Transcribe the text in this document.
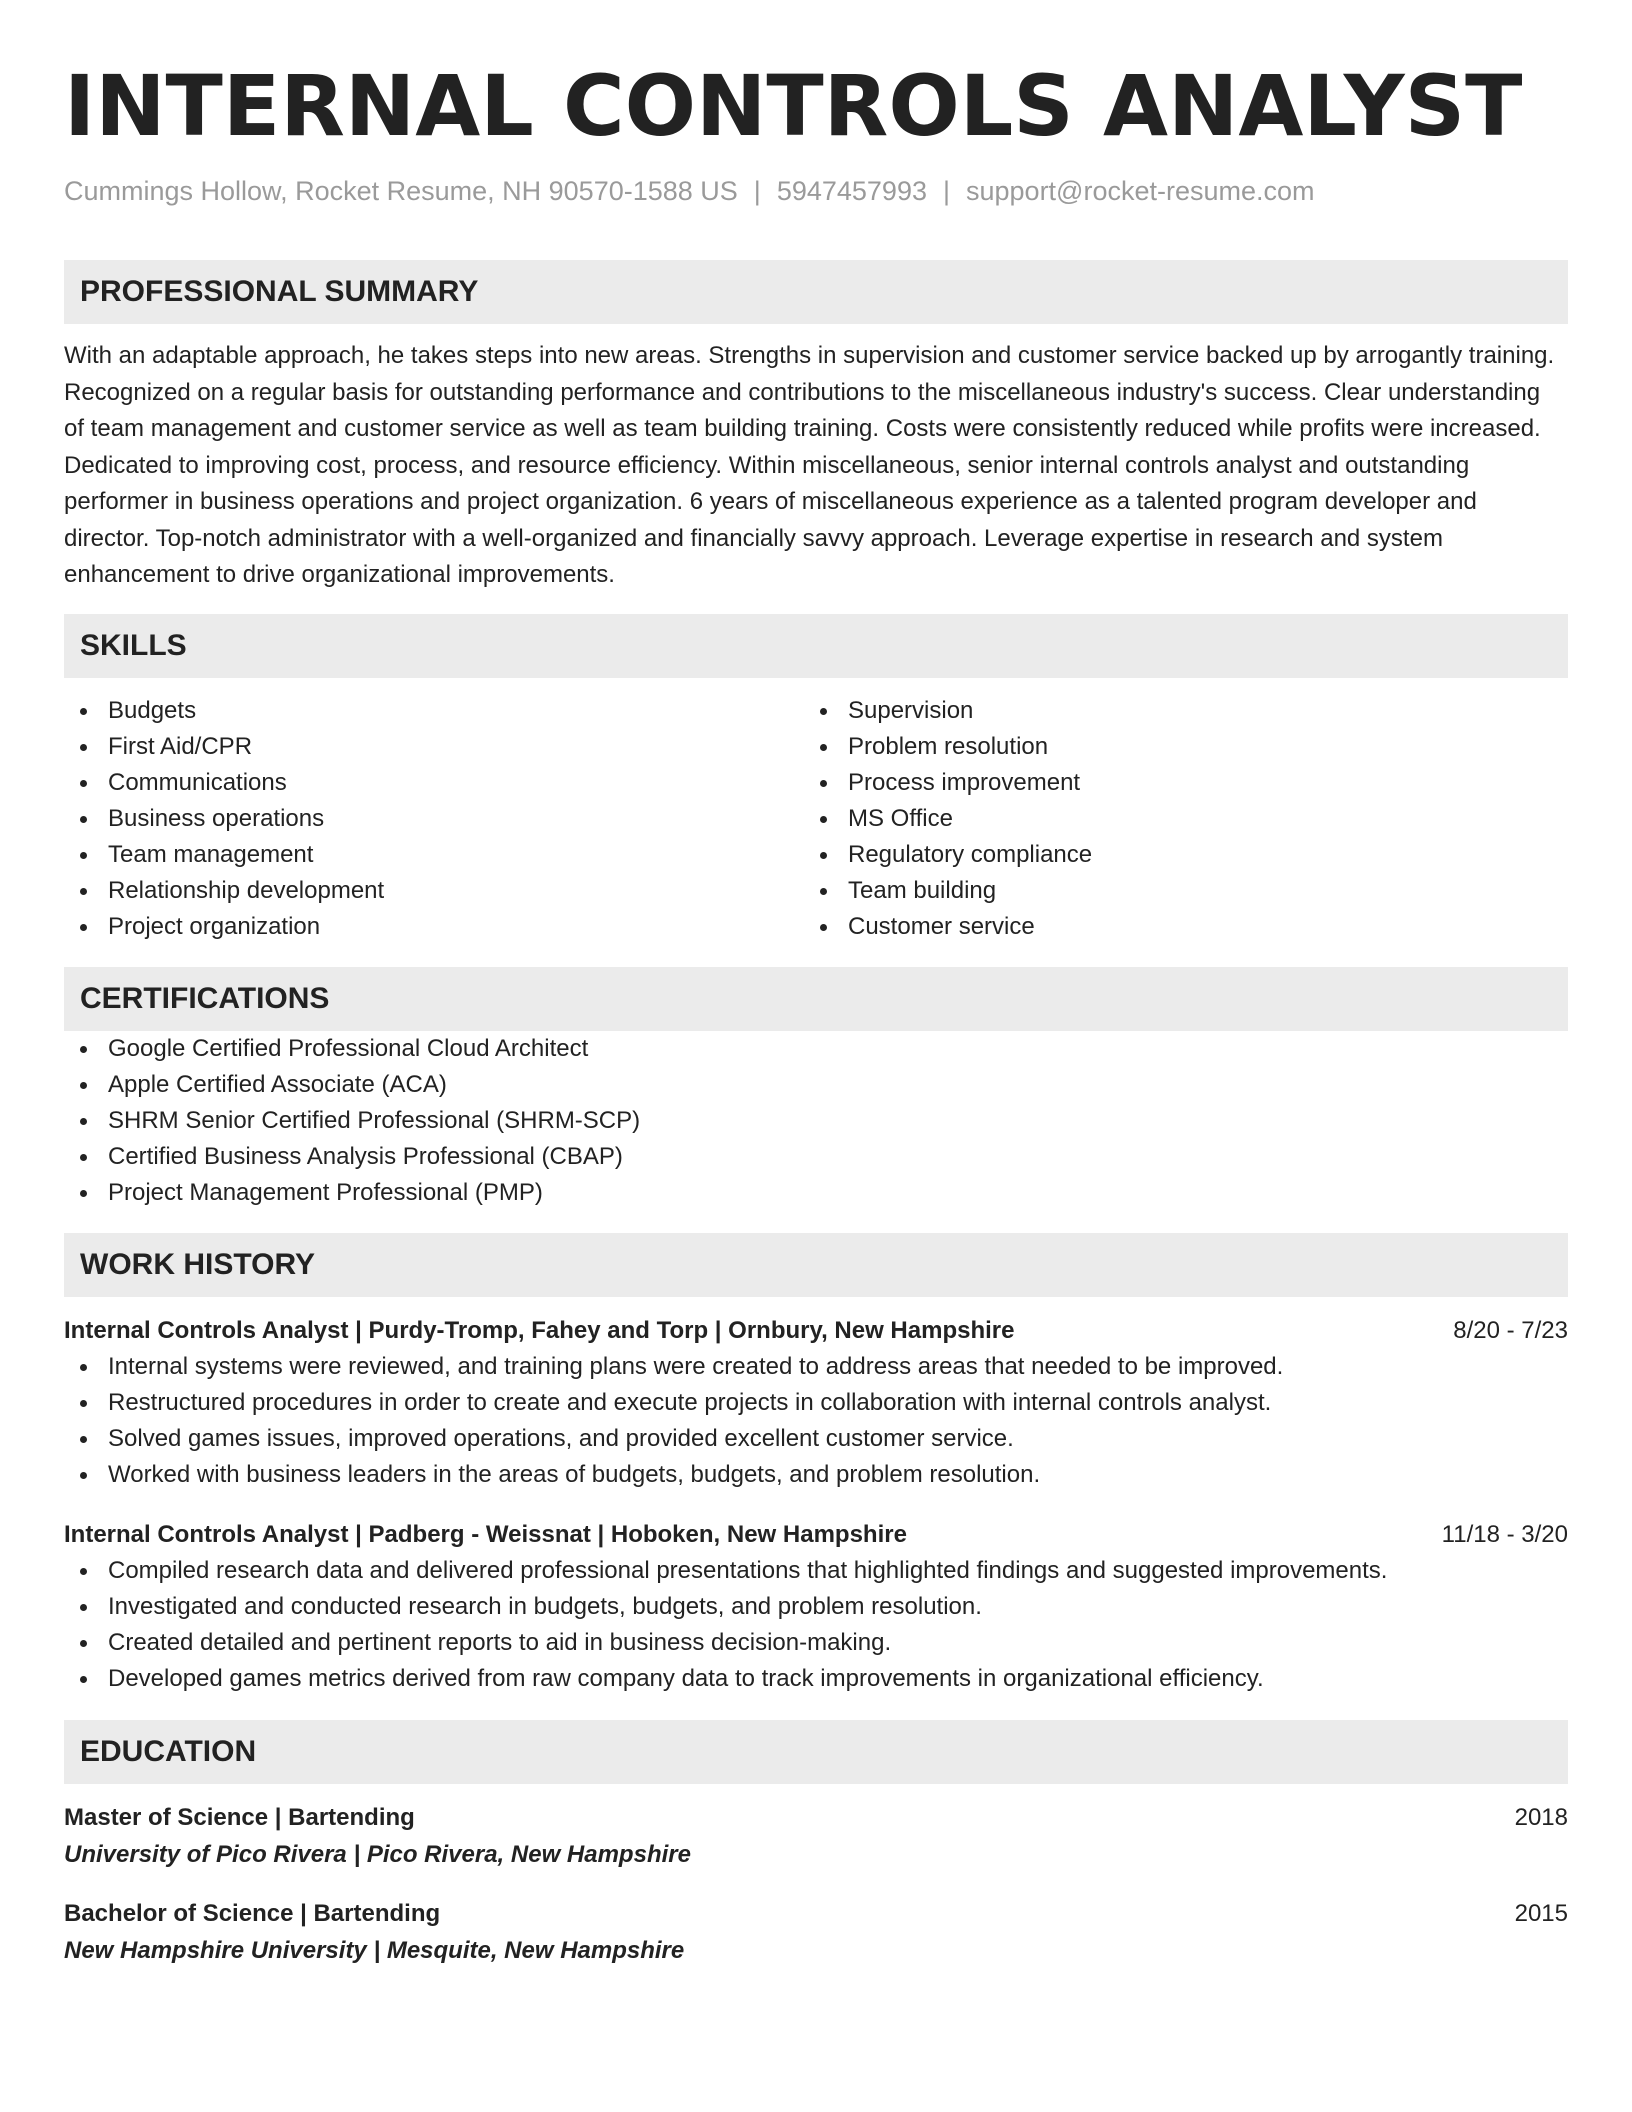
INTERNAL CONTROLS ANALYST
Cummings Hollow, Rocket Resume, NH 90570-1588 US | 5947457993 | support@rocket-resume.com
PROFESSIONAL SUMMARY

With an adaptable approach, he takes steps into new areas. Strengths in supervision and customer service backed up by arrogantly training. Recognized on a regular basis for outstanding performance and contributions to the miscellaneous industry's success. Clear understanding of team management and customer service as well as team building training. Costs were consistently reduced while profits were increased. Dedicated to improving cost, process, and resource efficiency. Within miscellaneous, senior internal controls analyst and outstanding performer in business operations and project organization. 6 years of miscellaneous experience as a talented program developer and director. Top-notch administrator with a well-organized and financially savvy approach. Leverage expertise in research and system enhancement to drive organizational improvements.

SKILLS
Budgets
First Aid/CPR
Communications
Business operations
Team management
Relationship development
Project organization
Supervision
Problem resolution
Process improvement
MS Office
Regulatory compliance
Team building
Customer service
CERTIFICATIONS
Google Certified Professional Cloud Architect
Apple Certified Associate (ACA)
SHRM Senior Certified Professional (SHRM-SCP)
Certified Business Analysis Professional (CBAP)
Project Management Professional (PMP)
WORK HISTORY
Internal Controls Analyst | Purdy-Tromp, Fahey and Torp | Ornbury, New Hampshire	8/20 - 7/23
Internal systems were reviewed, and training plans were created to address areas that needed to be improved.
Restructured procedures in order to create and execute projects in collaboration with internal controls analyst.
Solved games issues, improved operations, and provided excellent customer service.
Worked with business leaders in the areas of budgets, budgets, and problem resolution.
Internal Controls Analyst | Padberg - Weissnat | Hoboken, New Hampshire	11/18 - 3/20
Compiled research data and delivered professional presentations that highlighted findings and suggested improvements.
Investigated and conducted research in budgets, budgets, and problem resolution.
Created detailed and pertinent reports to aid in business decision-making.
Developed games metrics derived from raw company data to track improvements in organizational efficiency.
EDUCATION
Master of Science | Bartending	2018
University of Pico Rivera | Pico Rivera, New Hampshire
Bachelor of Science | Bartending	2015
New Hampshire University | Mesquite, New Hampshire
